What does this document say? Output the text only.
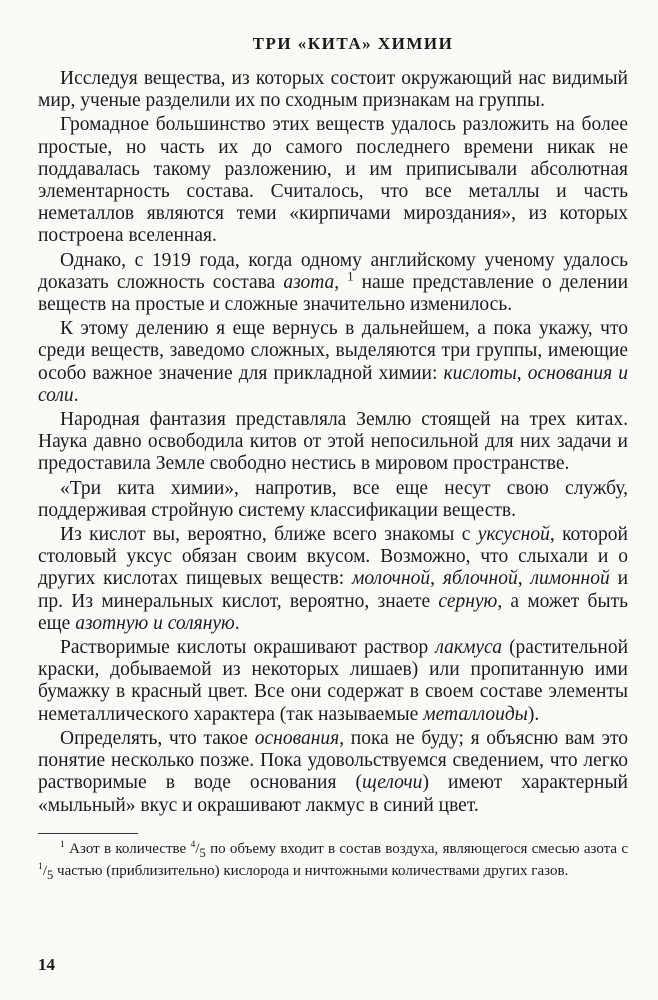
ТРИ «КИТА» ХИМИИ

Исследуя вещества, из которых состоит окружающий нас видимый мир, ученые разделили их по сходным признакам на группы.

Громадное большинство этих веществ удалось разложить на более простые, но часть их до самого последнего времени никак не поддавалась такому разложению, и им приписывали абсолютная элементарность состава. Считалось, что все металлы и часть неметаллов являются теми «кирпичами мироздания», из которых построена вселенная.

Однако, с 1919 года, когда одному английскому ученому удалось доказать сложность состава азота, $^1$ наше представление о делении веществ на простые и сложные значительно изменилось.

К этому делению я еще вернусь в дальнейшем, а пока укажу, что среди веществ, заведомо сложных, выделяются три группы, имеющие особо важное значение для прикладной химии: кислоты, основания и соли.

Народная фантазия представляла Землю стоящей на трех китах. Наука давно освободила китов от этой непосильной для них задачи и предоставила Земле свободно нестись в мировом пространстве.

«Три кита химии», напротив, все еще несут свою службу, поддерживая стройную систему классификации веществ.

Из кислот вы, вероятно, ближе всего знакомы с уксусной, которой столовый уксус обязан своим вкусом. Возможно, что слыхали и о других кислотах пищевых веществ: молочной, яблочной, лимонной и пр. Из минеральных кислот, вероятно, знаете серную, а может быть еще азотную и соляную.

Растворимые кислоты окрашивают раствор лакмуса (растительной краски, добываемой из некоторых лишаев) или пропитанную ими бумажку в красный цвет. Все они содержат в своем составе элементы неметаллического характера (так называемые металлоиды).

Определять, что такое основания, пока не буду; я объясню вам это понятие несколько позже. Пока удовольствуемся сведением, что легко растворимые в воде основания (щелочи) имеют характерный «мыльный» вкус и окрашивают лакмус в синий цвет.

$^1$ Азот в количестве $^4/_5$ по объему входит в состав воздуха, являющегося смесью азота с $^1/_5$ частью (приблизительно) кислорода и ничтожными количествами других газов.

14
